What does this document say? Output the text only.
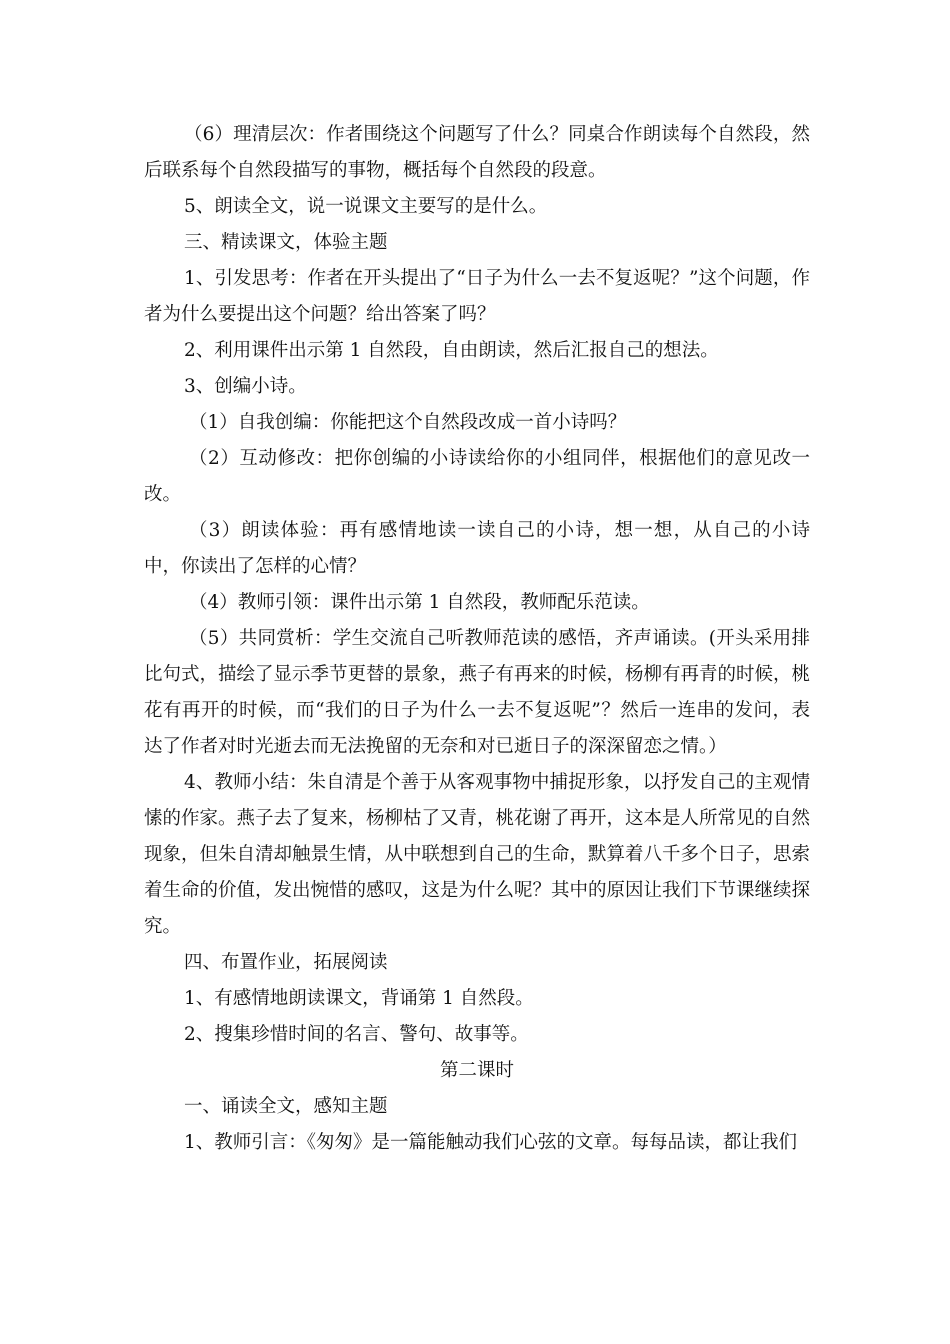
（6）理清层次：作者围绕这个问题写了什么？同桌合作朗读每个自然段，然后联系每个自然段描写的事物，概括每个自然段的段意。

5、朗读全文，说一说课文主要写的是什么。

三、精读课文，体验主题

1、引发思考：作者在开头提出了“日子为什么一去不复返呢？”这个问题，作者为什么要提出这个问题？给出答案了吗？

2、利用课件出示第 1 自然段，自由朗读，然后汇报自己的想法。

3、创编小诗。

（1）自我创编：你能把这个自然段改成一首小诗吗？

（2）互动修改：把你创编的小诗读给你的小组同伴，根据他们的意见改一改。

（3）朗读体验：再有感情地读一读自己的小诗，想一想，从自己的小诗中，你读出了怎样的心情？

（4）教师引领：课件出示第 1 自然段，教师配乐范读。

（5）共同赏析：学生交流自己听教师范读的感悟，齐声诵读。(开头采用排比句式，描绘了显示季节更替的景象，燕子有再来的时候，杨柳有再青的时候，桃花有再开的时候，而“我们的日子为什么一去不复返呢”？然后一连串的发问，表达了作者对时光逝去而无法挽留的无奈和对已逝日子的深深留恋之情。）

4、教师小结：朱自清是个善于从客观事物中捕捉形象，以抒发自己的主观情愫的作家。燕子去了复来，杨柳枯了又青，桃花谢了再开，这本是人所常见的自然现象，但朱自清却触景生情，从中联想到自己的生命，默算着八千多个日子，思索着生命的价值，发出惋惜的感叹，这是为什么呢？其中的原因让我们下节课继续探究。

四、布置作业，拓展阅读

1、有感情地朗读课文，背诵第 1 自然段。

2、搜集珍惜时间的名言、警句、故事等。

第二课时

一、诵读全文，感知主题

1、教师引言：《匆匆》是一篇能触动我们心弦的文章。每每品读，都让我们
